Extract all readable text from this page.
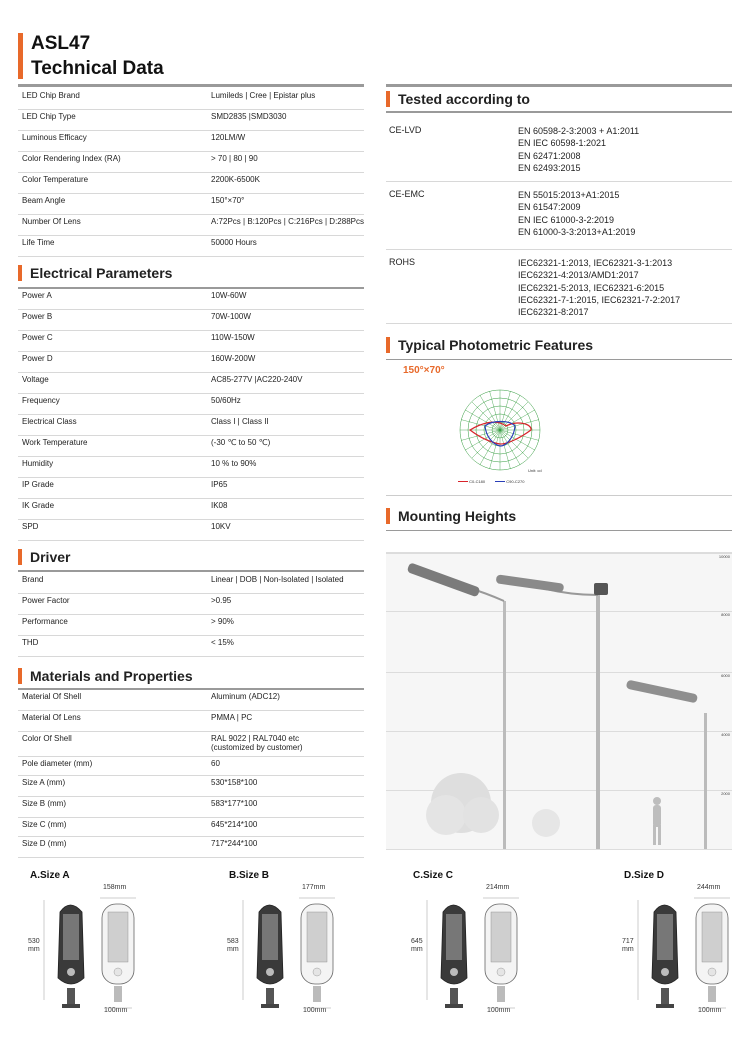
ASL47
Technical Data
LED Chip Brand	Lumileds | Cree | Epistar plus
LED Chip Type	SMD2835 |SMD3030
Luminous Efficacy	120LM/W
Color Rendering Index (RA)	> 70 | 80 | 90
Color Temperature	2200K-6500K
Beam Angle	150°×70°
Number Of Lens	A:72Pcs | B:120Pcs | C:216Pcs | D:288Pcs
Life Time	50000 Hours
Electrical Parameters
Power A	10W-60W
Power B	70W-100W
Power C	110W-150W
Power D	160W-200W
Voltage	AC85-277V |AC220-240V
Frequency	50/60Hz
Electrical Class	Class I | Class II
Work Temperature	(-30 ℃ to 50 ℃)
Humidity	10 % to 90%
IP Grade	IP65
IK Grade	IK08
SPD	10KV
Driver
Brand	Linear | DOB | Non-Isolated | Isolated
Power Factor	>0.95
Performance	> 90%
THD	< 15%
Materials and Properties
Material Of Shell	Aluminum (ADC12)
Material Of Lens	PMMA | PC
Color Of Shell	RAL 9022 | RAL7040 etc
(customized by customer)
Pole diameter (mm)	60
Size A (mm)	530*158*100
Size B (mm)	583*177*100
Size C (mm)	645*214*100
Size D (mm)	717*244*100
Tested according to
CE-LVD	EN 60598-2-3:2003 + A1:2011
EN IEC 60598-1:2021
EN 62471:2008
EN 62493:2015
CE-EMC	EN 55015:2013+A1:2015
EN 61547:2009
EN IEC 61000-3-2:2019
EN 61000-3-3:2013+A1:2019
ROHS	IEC62321-1:2013, IEC62321-3-1:2013
IEC62321-4:2013/AMD1:2017
IEC62321-5:2013, IEC62321-6:2015
IEC62321-7-1:2015, IEC62321-7-2:2017
IEC62321-8:2017
Typical Photometric Features
150°×70°
Unit: cd
C0-C180	C90-C270
Mounting Heights
10000
8000
6000
4000
2000
A.Size A
158mm
530
mm
100mm
B.Size B
177mm
583
mm
100mm
C.Size C
214mm
645
mm
100mm
D.Size D
244mm
717
mm
100mm
